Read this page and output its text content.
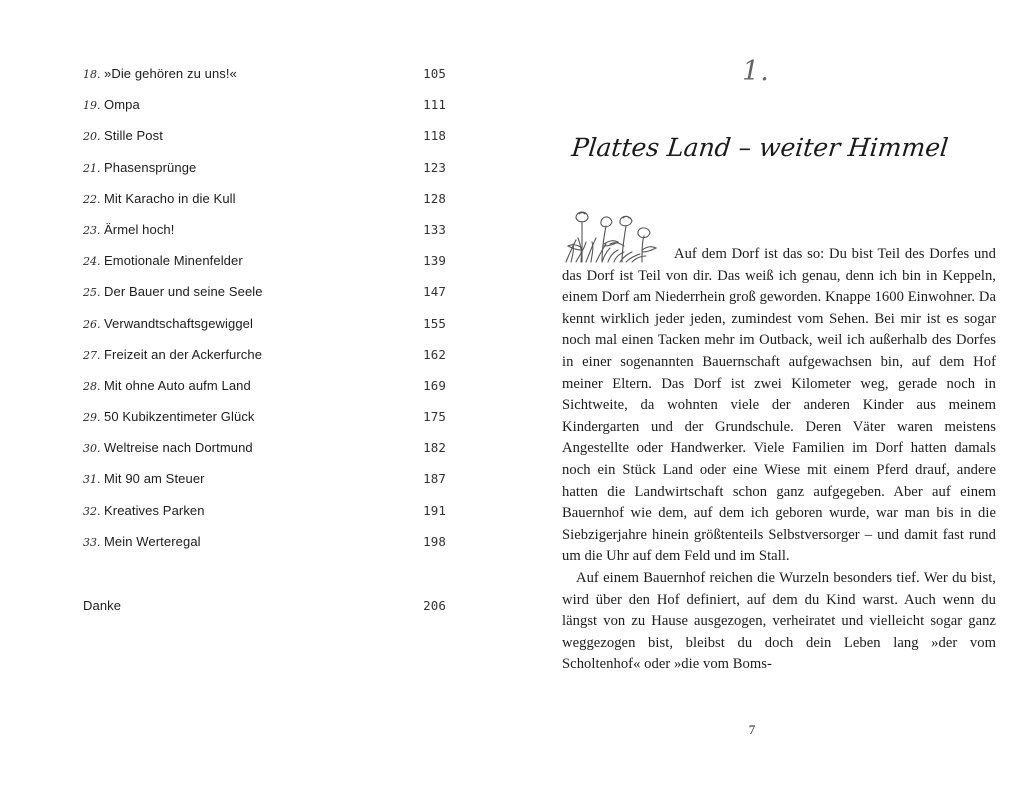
18. »Die gehören zu uns!«	105
19. Ompa	111
20. Stille Post	118
21. Phasensprünge	123
22. Mit Karacho in die Kull	128
23. Ärmel hoch!	133
24. Emotionale Minenfelder	139
25. Der Bauer und seine Seele	147
26. Verwandtschaftsgewiggel	155
27. Freizeit an der Ackerfurche	162
28. Mit ohne Auto aufm Land	169
29. 50 Kubikzentimeter Glück	175
30. Weltreise nach Dortmund	182
31. Mit 90 am Steuer	187
32. Kreatives Parken	191
33. Mein Werteregal	198
Danke	206
1.
Plattes Land – weiter Himmel

Auf dem Dorf ist das so: Du bist Teil des Dorfes und das Dorf ist Teil von dir. Das weiß ich genau, denn ich bin in Keppeln, einem Dorf am Niederrhein groß geworden. Knappe 1600 Einwohner. Da kennt wirklich jeder jeden, zumindest vom Sehen. Bei mir ist es sogar noch mal einen Tacken mehr im Outback, weil ich außerhalb des Dorfes in einer sogenannten Bauernschaft aufgewachsen bin, auf dem Hof meiner Eltern. Das Dorf ist zwei Kilometer weg, gerade noch in Sichtweite, da wohnten viele der anderen Kinder aus meinem Kindergarten und der Grundschule. Deren Väter waren meistens Angestellte oder Handwerker. Viele Familien im Dorf hatten damals noch ein Stück Land oder eine Wiese mit einem Pferd drauf, andere hatten die Landwirtschaft schon ganz aufgegeben. Aber auf einem Bauernhof wie dem, auf dem ich geboren wurde, war man bis in die Siebzigerjahre hinein größtenteils Selbstversorger – und damit fast rund um die Uhr auf dem Feld und im Stall.

Auf einem Bauernhof reichen die Wurzeln besonders tief. Wer du bist, wird über den Hof definiert, auf dem du Kind warst. Auch wenn du längst von zu Hause ausgezogen, verheiratet und vielleicht sogar ganz weggezogen bist, bleibst du doch dein Leben lang »der vom Scholtenhof« oder »die vom Boms-

7
